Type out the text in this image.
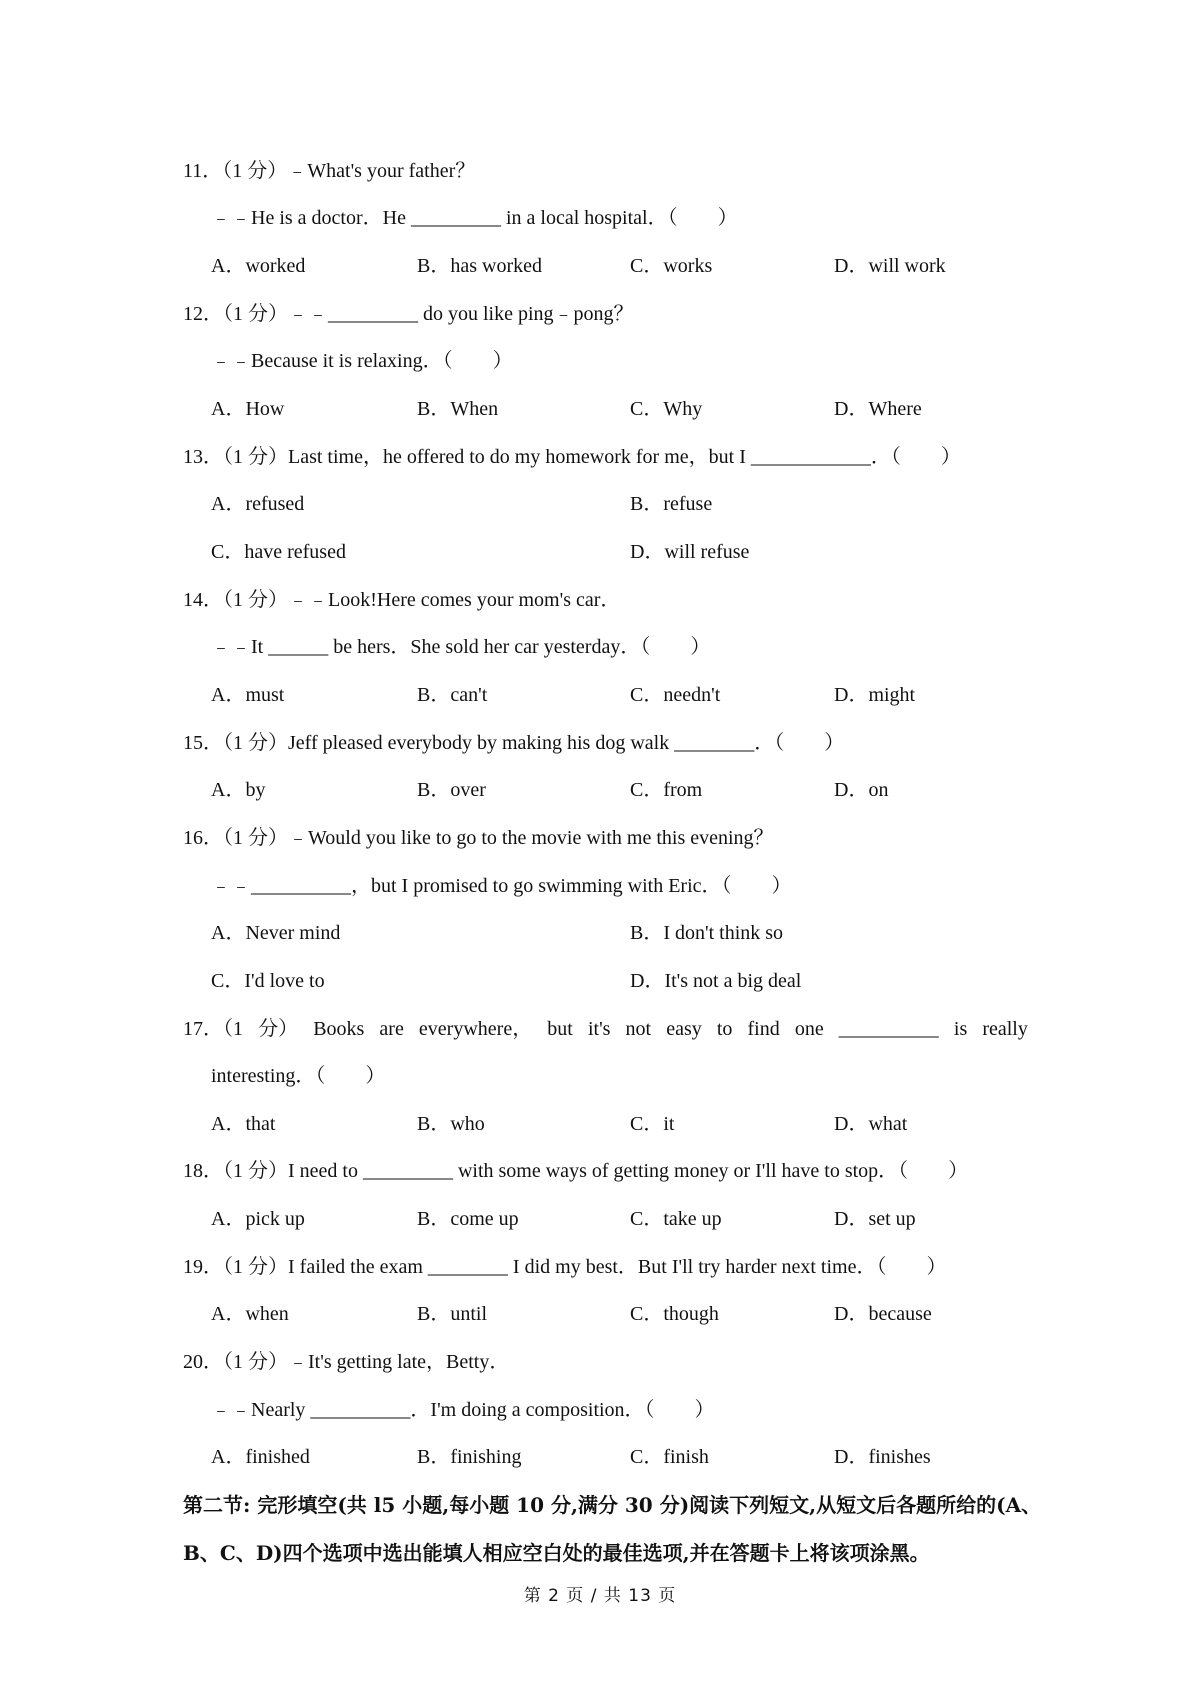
11．（1 分）﹣What's your father？
﹣﹣He is a doctor．He _________ in a local hospital．（　　）
A．worked	B．has worked	C．works	D．will work
12．（1 分）﹣﹣_________ do you like ping﹣pong？
﹣﹣Because it is relaxing．（　　）
A．How	B．When	C．Why	D．Where
13．（1 分）Last time，he offered to do my homework for me，but I ____________．（　　）
A．refused	B．refuse
C．have refused	D．will refuse
14．（1 分）﹣﹣Look!Here comes your mom's car．
﹣﹣It ______ be hers．She sold her car yesterday．（　　）
A．must	B．can't	C．needn't	D．might
15．（1 分）Jeff pleased everybody by making his dog walk ________．（　　）
A．by	B．over	C．from	D．on
16．（1 分）﹣Would you like to go to the movie with me this evening？
﹣﹣__________，but I promised to go swimming with Eric．（　　）
A．Never mind	B．I don't think so
C．I'd love to	D．It's not a big deal
17．（1 分） Books are everywhere， but it's not easy to find one __________ is really
interesting．（　　）
A．that	B．who	C．it	D．what
18．（1 分）I need to _________ with some ways of getting money or I'll have to stop．（　　）
A．pick up	B．come up	C．take up	D．set up
19．（1 分）I failed the exam ________ I did my best．But I'll try harder next time．（　　）
A．when	B．until	C．though	D．because
20．（1 分）﹣It's getting late，Betty．
﹣﹣Nearly __________．I'm doing a composition．（　　）
A．finished	B．finishing	C．finish	D．finishes
第二节: 完形填空(共 l5 小题,每小题 10 分,满分 30 分)阅读下列短文,从短文后各题所给的(A、
B、C、D)四个选项中选出能填人相应空白处的最佳选项,并在答题卡上将该项涂黑。
第 2 页 / 共 13 页
